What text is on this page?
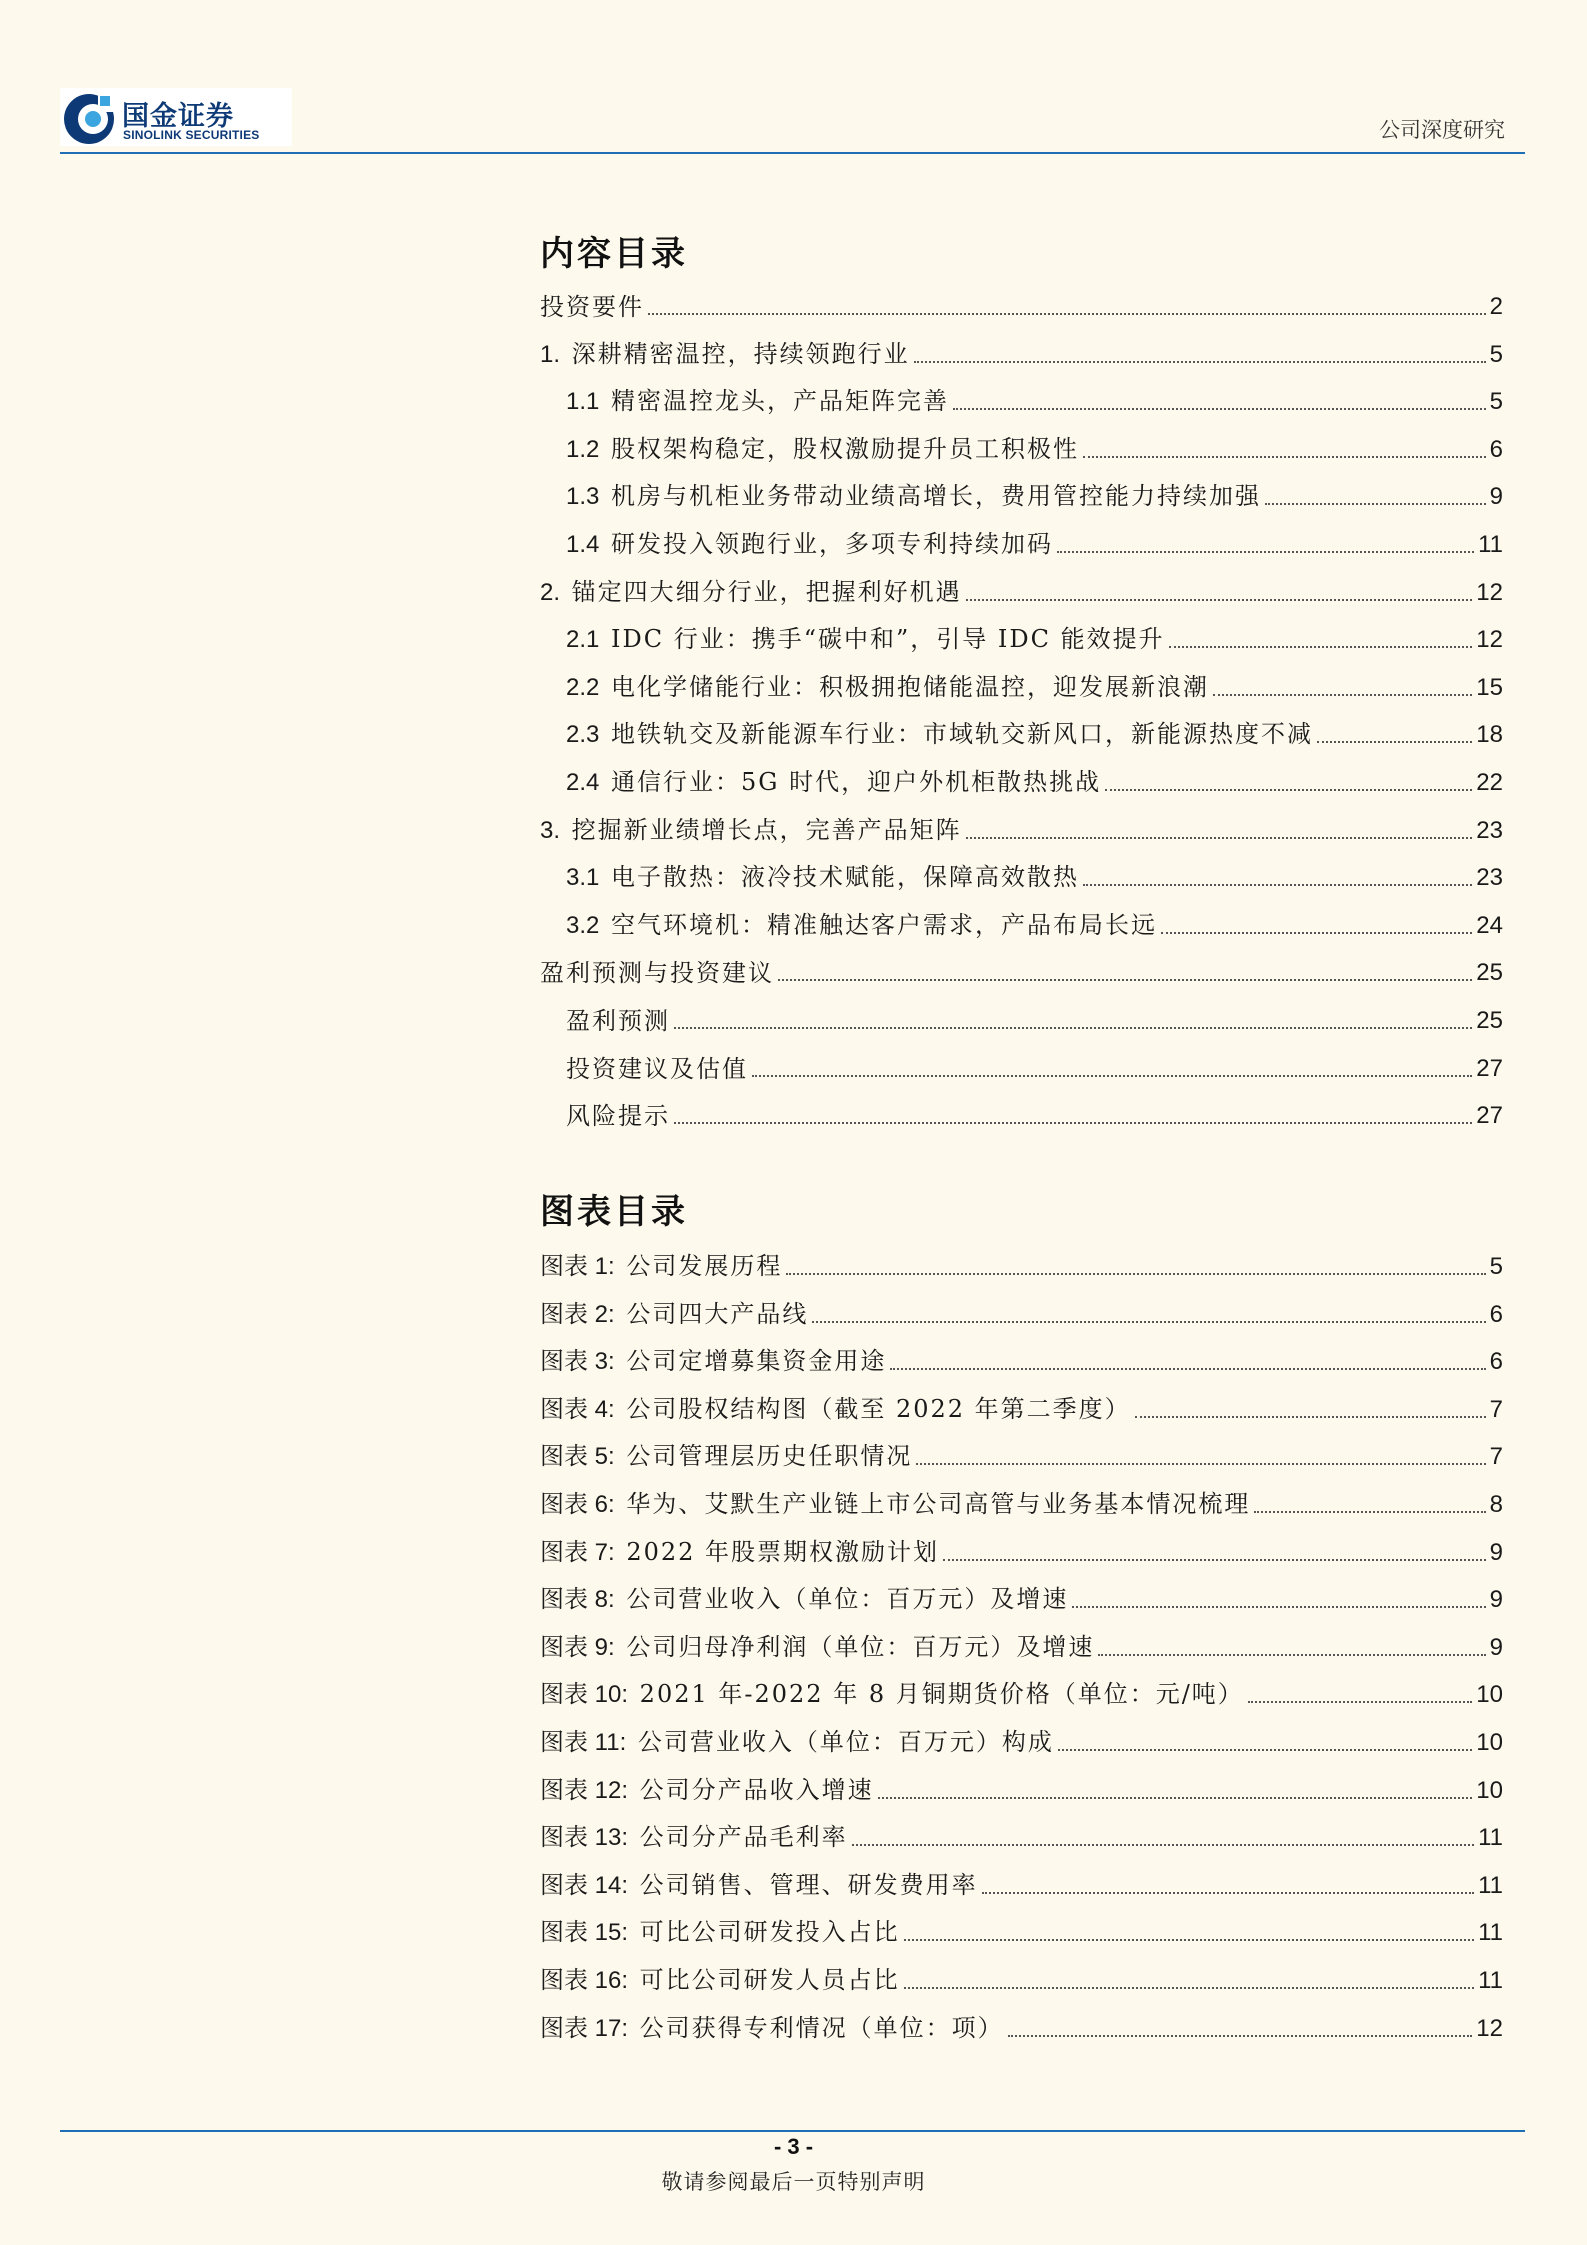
国金证券
SINOLINK SECURITIES	公司深度研究
内容目录
投资要件	2
1. 深耕精密温控，持续领跑行业	5
1.1 精密温控龙头，产品矩阵完善	5
1.2 股权架构稳定，股权激励提升员工积极性	6
1.3 机房与机柜业务带动业绩高增长，费用管控能力持续加强	9
1.4 研发投入领跑行业，多项专利持续加码	11
2. 锚定四大细分行业，把握利好机遇	12
2.1 IDC 行业：携手“碳中和”，引导 IDC 能效提升	12
2.2 电化学储能行业：积极拥抱储能温控，迎发展新浪潮	15
2.3 地铁轨交及新能源车行业：市域轨交新风口，新能源热度不减	18
2.4 通信行业：5G 时代，迎户外机柜散热挑战	22
3. 挖掘新业绩增长点，完善产品矩阵	23
3.1 电子散热：液冷技术赋能，保障高效散热	23
3.2 空气环境机：精准触达客户需求，产品布局长远	24
盈利预测与投资建议	25
盈利预测	25
投资建议及估值	27
风险提示	27
图表目录
图表 1: 公司发展历程	5
图表 2: 公司四大产品线	6
图表 3: 公司定增募集资金用途	6
图表 4: 公司股权结构图（截至 2022 年第二季度）	7
图表 5: 公司管理层历史任职情况	7
图表 6: 华为、艾默生产业链上市公司高管与业务基本情况梳理	8
图表 7: 2022 年股票期权激励计划	9
图表 8: 公司营业收入（单位：百万元）及增速	9
图表 9: 公司归母净利润（单位：百万元）及增速	9
图表 10: 2021 年-2022 年 8 月铜期货价格（单位：元/吨）	10
图表 11: 公司营业收入（单位：百万元）构成	10
图表 12: 公司分产品收入增速	10
图表 13: 公司分产品毛利率	11
图表 14: 公司销售、管理、研发费用率	11
图表 15: 可比公司研发投入占比	11
图表 16: 可比公司研发人员占比	11
图表 17: 公司获得专利情况（单位：项）	12
- 3 -
敬请参阅最后一页特别声明
